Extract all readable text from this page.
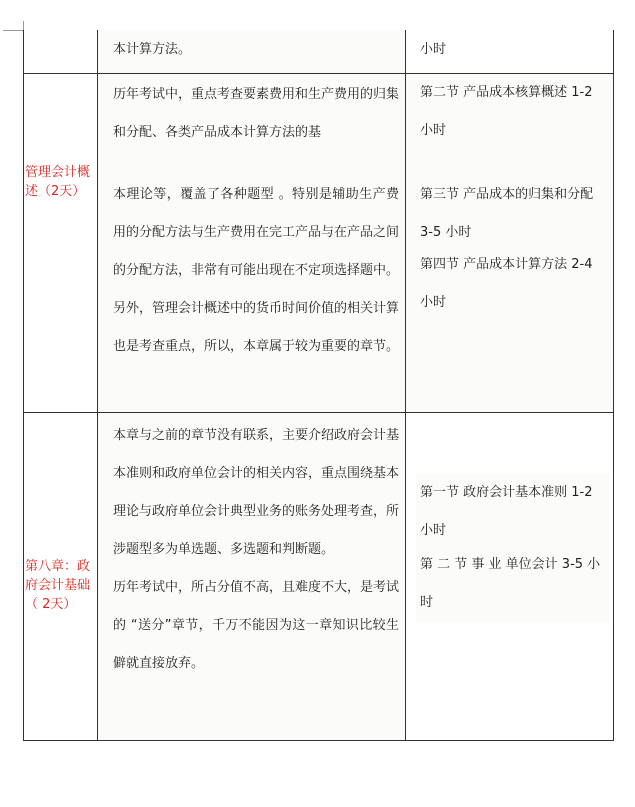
	本计算方法。	小时

管理会计概述（2天）	历年考试中，重点考查要素费用和生产费用的归集和分配、各类产品成本计算方法的基
本理论等，覆盖了各种题型 。特别是辅助生产费用的分配方法与生产费用在完工产品与在产品之间的分配方法，非常有可能出现在不定项选择题中。另外，管理会计概述中的货币时间价值的相关计算也是考查重点，所以，本章属于较为重要的章节。	第二节 产品成本核算概述 1-2 小时
第三节 产品成本的归集和分配 3-5 小时
第四节 产品成本计算方法 2-4 小时

第八章：政府会计基础（ 2天）	本章与之前的章节没有联系，主要介绍政府会计基本准则和政府单位会计的相关内容，重点围绕基本理论与政府单位会计典型业务的账务处理考查，所涉题型多为单选题、多选题和判断题。
历年考试中，所占分值不高，且难度不大，是考试的 “送分”章节，千万不能因为这一章知识比较生僻就直接放弃。	第一节 政府会计基本准则 1-2 小时
第 二 节 事 业 单位会计 3-5 小时
